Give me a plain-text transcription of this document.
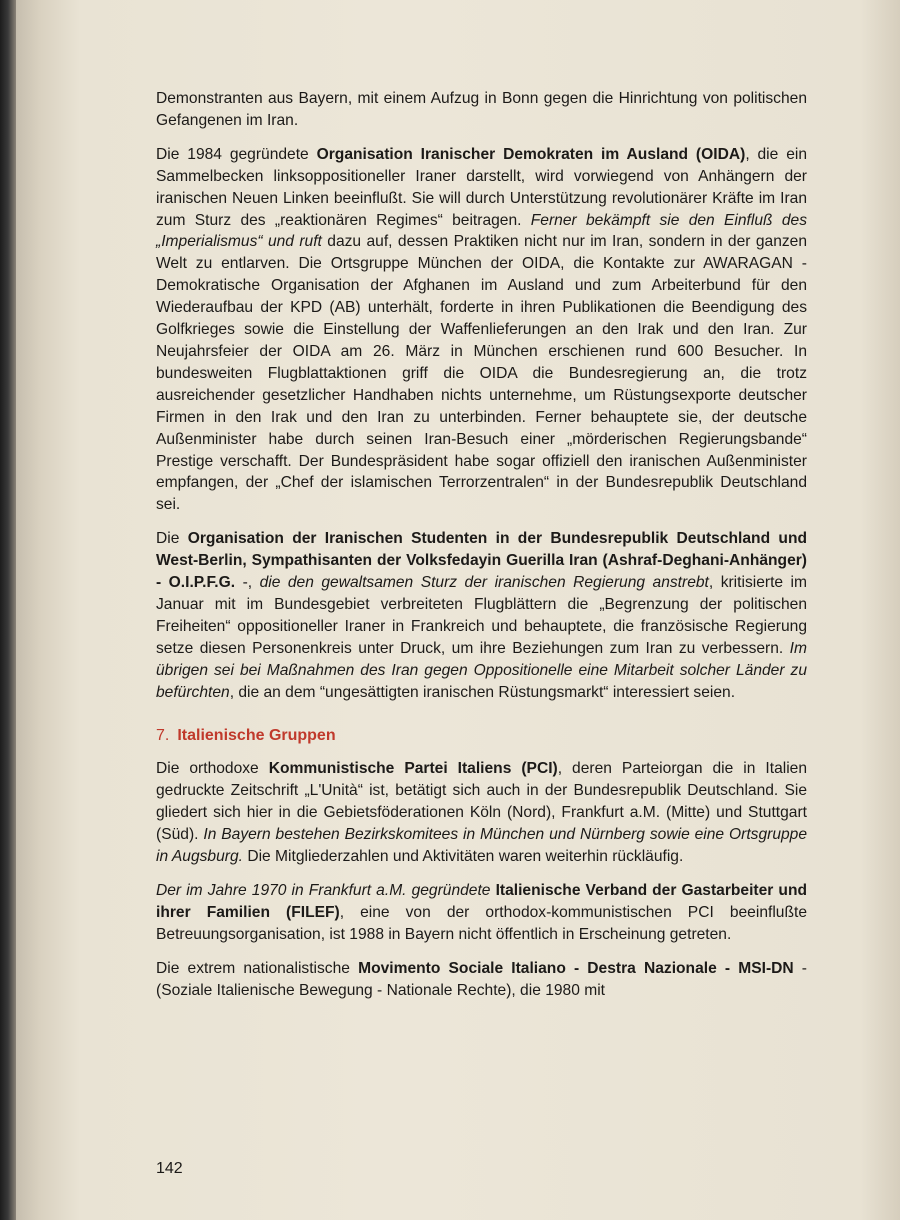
Demonstranten aus Bayern, mit einem Aufzug in Bonn gegen die Hinrichtung von politischen Gefangenen im Iran.

Die 1984 gegründete Organisation Iranischer Demokraten im Ausland (OIDA), die ein Sammelbecken linksoppositioneller Iraner darstellt, wird vorwiegend von Anhängern der iranischen Neuen Linken beeinflußt. Sie will durch Unterstützung revolutionärer Kräfte im Iran zum Sturz des „reaktionären Regimes“ beitragen. Ferner bekämpft sie den Einfluß des „Imperialismus“ und ruft dazu auf, dessen Praktiken nicht nur im Iran, sondern in der ganzen Welt zu entlarven. Die Ortsgruppe München der OIDA, die Kontakte zur AWARAGAN - Demokratische Organisation der Afghanen im Ausland und zum Arbeiterbund für den Wiederaufbau der KPD (AB) unterhält, forderte in ihren Publikationen die Beendigung des Golfkrieges sowie die Einstellung der Waffenlieferungen an den Irak und den Iran. Zur Neujahrsfeier der OIDA am 26. März in München erschienen rund 600 Besucher. In bundesweiten Flugblattaktionen griff die OIDA die Bundesregierung an, die trotz ausreichender gesetzlicher Handhaben nichts unternehme, um Rüstungsexporte deutscher Firmen in den Irak und den Iran zu unterbinden. Ferner behauptete sie, der deutsche Außenminister habe durch seinen Iran-Besuch einer „mörderischen Regierungsbande“ Prestige verschafft. Der Bundespräsident habe sogar offiziell den iranischen Außenminister empfangen, der „Chef der islamischen Terrorzentralen“ in der Bundesrepublik Deutschland sei.

Die Organisation der Iranischen Studenten in der Bundesrepublik Deutschland und West-Berlin, Sympathisanten der Volksfedayin Guerilla Iran (Ashraf-Deghani-Anhänger) - O.I.P.F.G. -, die den gewaltsamen Sturz der iranischen Regierung anstrebt, kritisierte im Januar mit im Bundesgebiet verbreiteten Flugblättern die „Begrenzung der politischen Freiheiten“ oppositioneller Iraner in Frankreich und behauptete, die französische Regierung setze diesen Personenkreis unter Druck, um ihre Beziehungen zum Iran zu verbessern. Im übrigen sei bei Maßnahmen des Iran gegen Oppositionelle eine Mitarbeit solcher Länder zu befürchten, die an dem “ungesättigten iranischen Rüstungsmarkt“ interessiert seien.

7. Italienische Gruppen

Die orthodoxe Kommunistische Partei Italiens (PCI), deren Parteiorgan die in Italien gedruckte Zeitschrift „L'Unità“ ist, betätigt sich auch in der Bundesrepublik Deutschland. Sie gliedert sich hier in die Gebietsföderationen Köln (Nord), Frankfurt a.M. (Mitte) und Stuttgart (Süd). In Bayern bestehen Bezirkskomitees in München und Nürnberg sowie eine Ortsgruppe in Augsburg. Die Mitgliederzahlen und Aktivitäten waren weiterhin rückläufig.

Der im Jahre 1970 in Frankfurt a.M. gegründete Italienische Verband der Gastarbeiter und ihrer Familien (FILEF), eine von der orthodox-kommunistischen PCI beeinflußte Betreuungsorganisation, ist 1988 in Bayern nicht öffentlich in Erscheinung getreten.

Die extrem nationalistische Movimento Sociale Italiano - Destra Nazionale - MSI-DN - (Soziale Italienische Bewegung - Nationale Rechte), die 1980 mit

142
